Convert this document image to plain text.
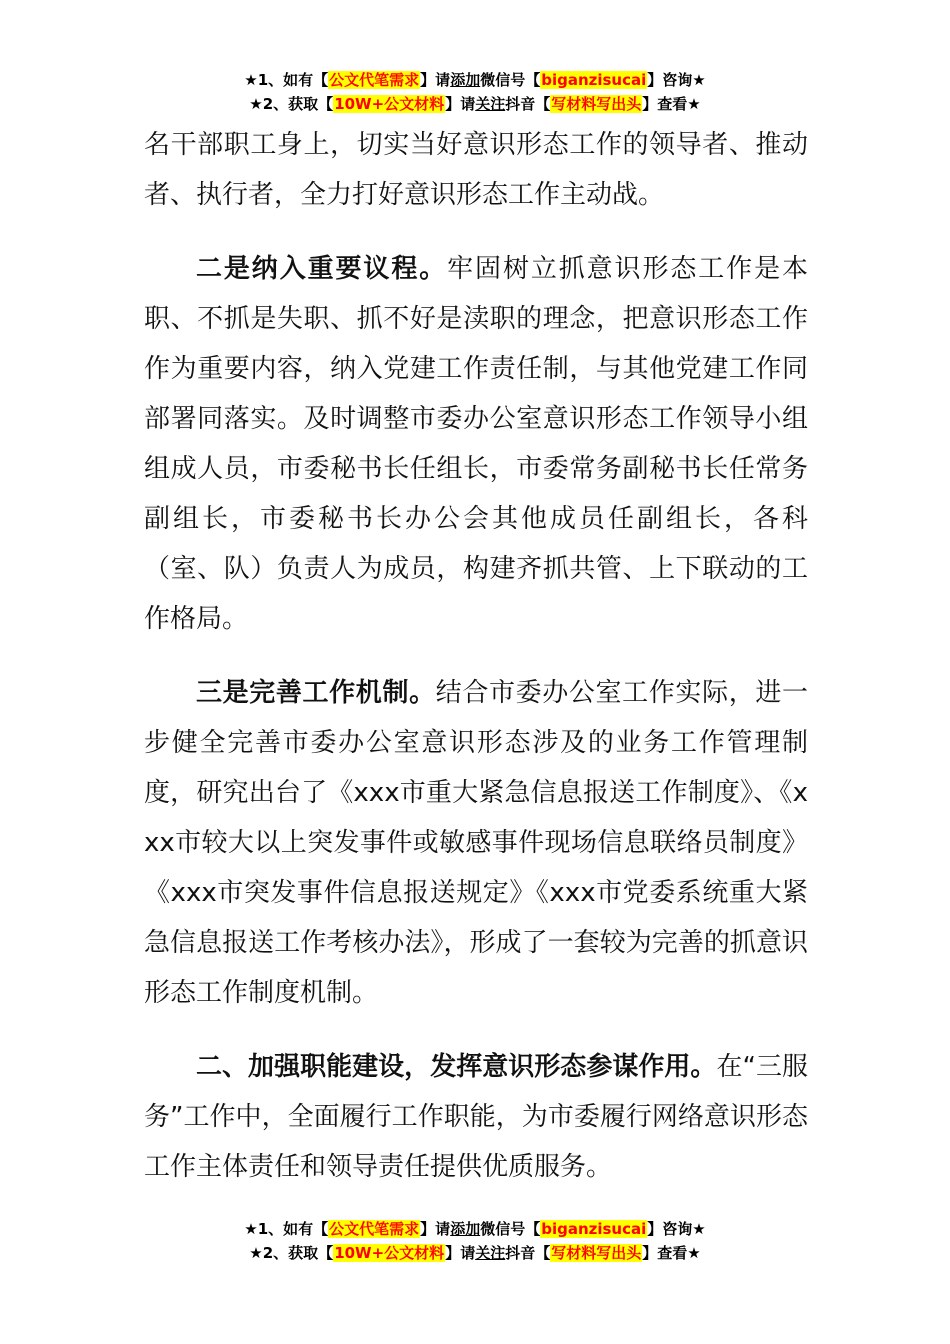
★1、如有【公文代笔需求】请添加微信号【biganzisucai】咨询★
★2、获取【10W+公文材料】请关注抖音【写材料写出头】查看★

名干部职工身上，切实当好意识形态工作的领导者、推动者、执行者，全力打好意识形态工作主动战。

二是纳入重要议程。牢固树立抓意识形态工作是本职、不抓是失职、抓不好是渎职的理念，把意识形态工作作为重要内容，纳入党建工作责任制，与其他党建工作同部署同落实。及时调整市委办公室意识形态工作领导小组组成人员，市委秘书长任组长，市委常务副秘书长任常务副组长，市委秘书长办公会其他成员任副组长，各科（室、队）负责人为成员，构建齐抓共管、上下联动的工作格局。

三是完善工作机制。结合市委办公室工作实际，进一步健全完善市委办公室意识形态涉及的业务工作管理制度，研究出台了《xxx市重大紧急信息报送工作制度》、《xxx市较大以上突发事件或敏感事件现场信息联络员制度》《xxx市突发事件信息报送规定》《xxx市党委系统重大紧急信息报送工作考核办法》，形成了一套较为完善的抓意识形态工作制度机制。

二、加强职能建设，发挥意识形态参谋作用。在“三服务”工作中，全面履行工作职能，为市委履行网络意识形态工作主体责任和领导责任提供优质服务。

★1、如有【公文代笔需求】请添加微信号【biganzisucai】咨询★
★2、获取【10W+公文材料】请关注抖音【写材料写出头】查看★
